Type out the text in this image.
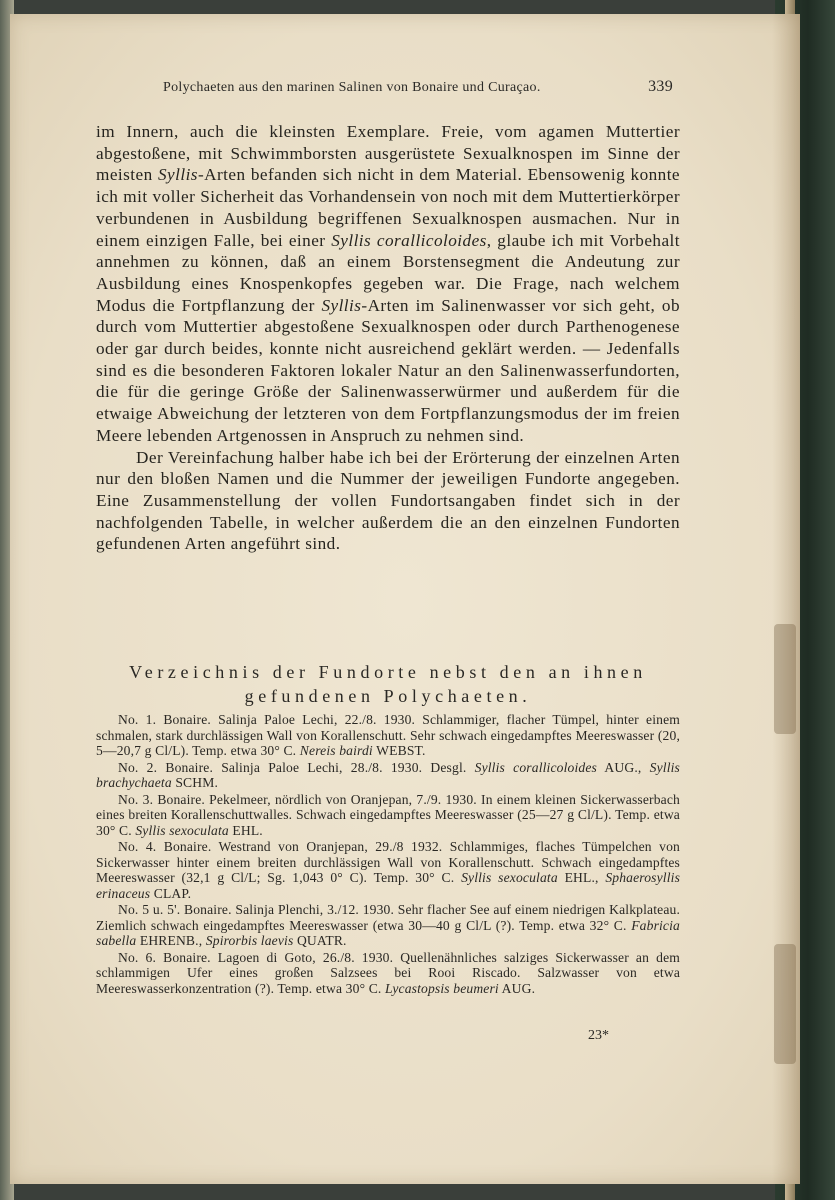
Polychaeten aus den marinen Salinen von Bonaire und Curaçao.	339

im Innern, auch die kleinsten Exemplare. Freie, vom agamen Muttertier abgestoßene, mit Schwimmborsten ausgerüstete Sexualknospen im Sinne der meisten Syllis-Arten befanden sich nicht in dem Material. Ebensowenig konnte ich mit voller Sicherheit das Vorhandensein von noch mit dem Muttertierkörper verbundenen in Ausbildung begriffenen Sexualknospen ausmachen. Nur in einem einzigen Falle, bei einer Syllis corallicoloides, glaube ich mit Vorbehalt annehmen zu können, daß an einem Borstensegment die Andeutung zur Ausbildung eines Knospenkopfes gegeben war. Die Frage, nach welchem Modus die Fortpflanzung der Syllis-Arten im Salinenwasser vor sich geht, ob durch vom Muttertier abgestoßene Sexualknospen oder durch Parthenogenese oder gar durch beides, konnte nicht ausreichend geklärt werden. — Jedenfalls sind es die besonderen Faktoren lokaler Natur an den Salinenwasserfundorten, die für die geringe Größe der Salinenwasserwürmer und außerdem für die etwaige Abweichung der letzteren von dem Fortpflanzungsmodus der im freien Meere lebenden Artgenossen in Anspruch zu nehmen sind.

Der Vereinfachung halber habe ich bei der Erörterung der einzelnen Arten nur den bloßen Namen und die Nummer der jeweiligen Fundorte angegeben. Eine Zusammenstellung der vollen Fundortsangaben findet sich in der nachfolgenden Tabelle, in welcher außerdem die an den einzelnen Fundorten gefundenen Arten angeführt sind.

Verzeichnis der Fundorte nebst den an ihnen
gefundenen Polychaeten.

No. 1. Bonaire. Salinja Paloe Lechi, 22./8. 1930. Schlammiger, flacher Tümpel, hinter einem schmalen, stark durchlässigen Wall von Korallenschutt. Sehr schwach eingedampftes Meereswasser (20, 5—20,7 g Cl/L). Temp. etwa 30° C. Nereis bairdi WEBST.

No. 2. Bonaire. Salinja Paloe Lechi, 28./8. 1930. Desgl. Syllis corallicoloides AUG., Syllis brachychaeta SCHM.

No. 3. Bonaire. Pekelmeer, nördlich von Oranjepan, 7./9. 1930. In einem kleinen Sickerwasserbach eines breiten Korallenschuttwalles. Schwach eingedampftes Meereswasser (25—27 g Cl/L). Temp. etwa 30° C. Syllis sexoculata EHL.

No. 4. Bonaire. Westrand von Oranjepan, 29./8 1932. Schlammiges, flaches Tümpelchen von Sickerwasser hinter einem breiten durchlässigen Wall von Korallenschutt. Schwach eingedampftes Meereswasser (32,1 g Cl/L; Sg. 1,043 0° C). Temp. 30° C. Syllis sexoculata EHL., Sphaerosyllis erinaceus CLAP.

No. 5 u. 5'. Bonaire. Salinja Plenchi, 3./12. 1930. Sehr flacher See auf einem niedrigen Kalkplateau. Ziemlich schwach eingedampftes Meereswasser (etwa 30—40 g Cl/L (?). Temp. etwa 32° C. Fabricia sabella EHRENB., Spirorbis laevis QUATR.

No. 6. Bonaire. Lagoen di Goto, 26./8. 1930. Quellenähnliches salziges Sickerwasser an dem schlammigen Ufer eines großen Salzsees bei Rooi Riscado. Salzwasser von etwa Meereswasserkonzentration (?). Temp. etwa 30° C. Lycastopsis beumeri AUG.

23*
